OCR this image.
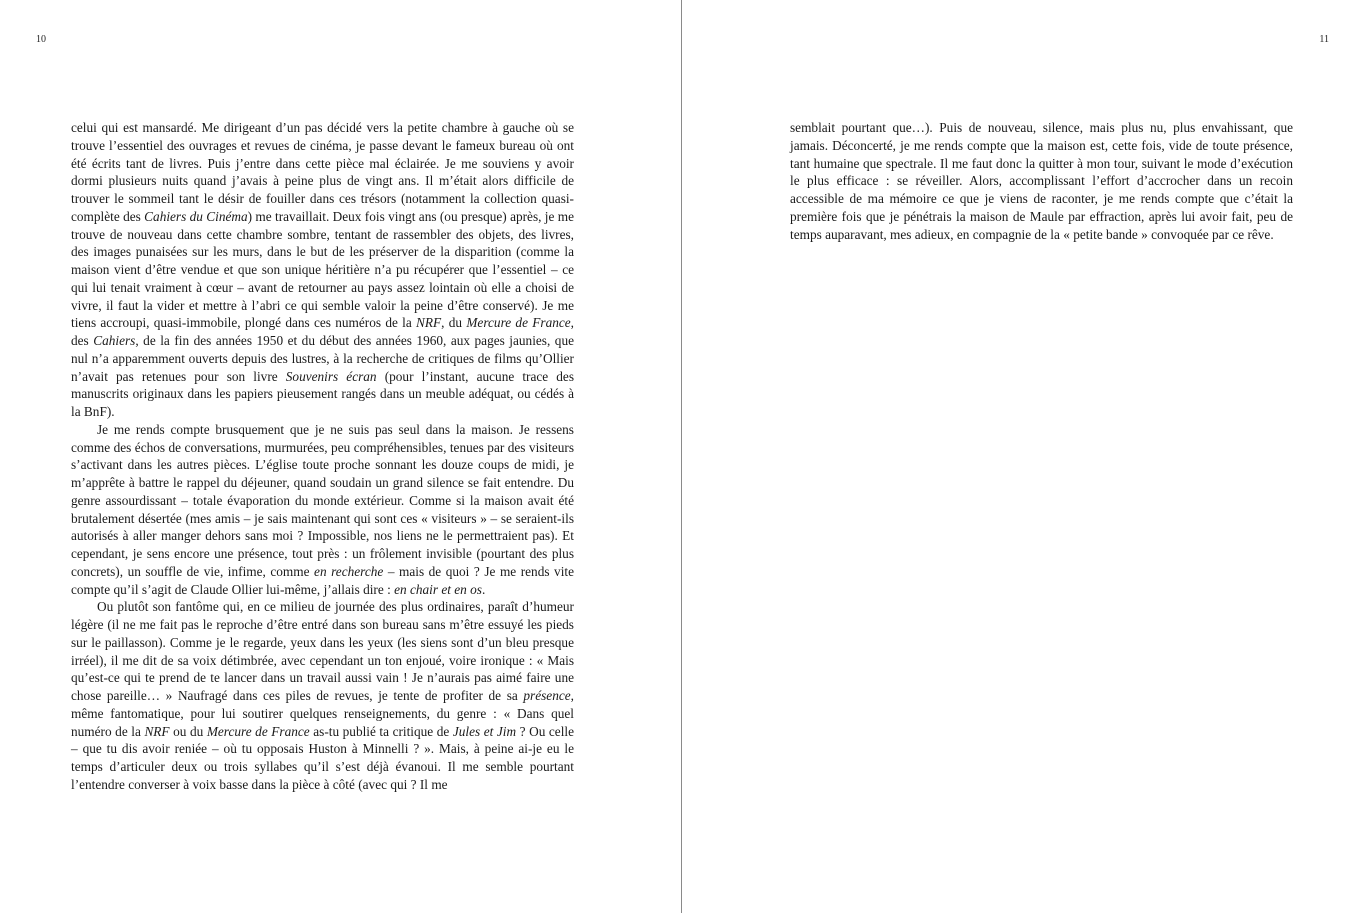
10

celui qui est mansardé. Me dirigeant d’un pas décidé vers la petite chambre à gauche où se trouve l’essentiel des ouvrages et revues de cinéma, je passe devant le fameux bureau où ont été écrits tant de livres. Puis j’entre dans cette pièce mal éclairée. Je me souviens y avoir dormi plusieurs nuits quand j’avais à peine plus de vingt ans. Il m’était alors difficile de trouver le sommeil tant le désir de fouiller dans ces trésors (notamment la collection quasi-complète des Cahiers du Cinéma) me travaillait. Deux fois vingt ans (ou presque) après, je me trouve de nouveau dans cette chambre sombre, tentant de rassembler des objets, des livres, des images punaisées sur les murs, dans le but de les préserver de la disparition (comme la maison vient d’être vendue et que son unique héritière n’a pu récupérer que l’essentiel – ce qui lui tenait vraiment à cœur – avant de retourner au pays assez lointain où elle a choisi de vivre, il faut la vider et mettre à l’abri ce qui semble valoir la peine d’être conservé). Je me tiens accroupi, quasi-immobile, plongé dans ces numéros de la NRF, du Mercure de France, des Cahiers, de la fin des années 1950 et du début des années 1960, aux pages jaunies, que nul n’a apparemment ouverts depuis des lustres, à la recherche de critiques de films qu’Ollier n’avait pas retenues pour son livre Souvenirs écran (pour l’instant, aucune trace des manuscrits originaux dans les papiers pieusement rangés dans un meuble adéquat, ou cédés à la BnF).

Je me rends compte brusquement que je ne suis pas seul dans la maison. Je ressens comme des échos de conversations, murmurées, peu compréhensibles, tenues par des visiteurs s’activant dans les autres pièces. L’église toute proche sonnant les douze coups de midi, je m’apprête à battre le rappel du déjeuner, quand soudain un grand silence se fait entendre. Du genre assourdissant – totale évaporation du monde extérieur. Comme si la maison avait été brutalement désertée (mes amis – je sais maintenant qui sont ces « visiteurs » – se seraient-ils autorisés à aller manger dehors sans moi ? Impossible, nos liens ne le permettraient pas). Et cependant, je sens encore une présence, tout près : un frôlement invisible (pourtant des plus concrets), un souffle de vie, infime, comme en recherche – mais de quoi ? Je me rends vite compte qu’il s’agit de Claude Ollier lui-même, j’allais dire : en chair et en os.

Ou plutôt son fantôme qui, en ce milieu de journée des plus ordinaires, paraît d’humeur légère (il ne me fait pas le reproche d’être entré dans son bureau sans m’être essuyé les pieds sur le paillasson). Comme je le regarde, yeux dans les yeux (les siens sont d’un bleu presque irréel), il me dit de sa voix détimbrée, avec cependant un ton enjoué, voire ironique : « Mais qu’est-ce qui te prend de te lancer dans un travail aussi vain ! Je n’aurais pas aimé faire une chose pareille… » Naufragé dans ces piles de revues, je tente de profiter de sa présence, même fantomatique, pour lui soutirer quelques renseignements, du genre : « Dans quel numéro de la NRF ou du Mercure de France as-tu publié ta critique de Jules et Jim ? Ou celle – que tu dis avoir reniée – où tu opposais Huston à Minnelli ? ». Mais, à peine ai-je eu le temps d’articuler deux ou trois syllabes qu’il s’est déjà évanoui. Il me semble pourtant l’entendre converser à voix basse dans la pièce à côté (avec qui ? Il me

11

semblait pourtant que…). Puis de nouveau, silence, mais plus nu, plus envahissant, que jamais. Déconcerté, je me rends compte que la maison est, cette fois, vide de toute présence, tant humaine que spectrale. Il me faut donc la quitter à mon tour, suivant le mode d’exécution le plus efficace : se réveiller. Alors, accomplissant l’effort d’accrocher dans un recoin accessible de ma mémoire ce que je viens de raconter, je me rends compte que c’était la première fois que je pénétrais la maison de Maule par effraction, après lui avoir fait, peu de temps auparavant, mes adieux, en compagnie de la « petite bande » convoquée par ce rêve.
